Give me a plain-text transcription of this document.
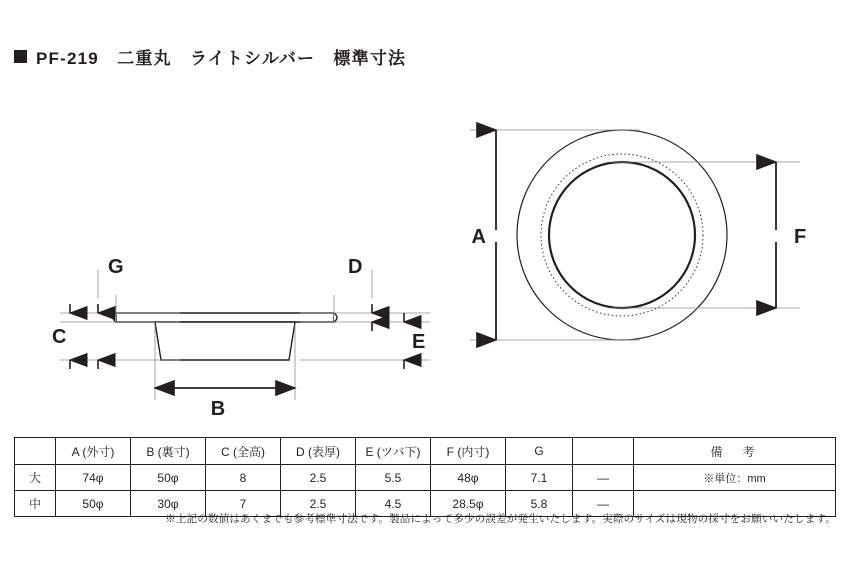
PF-219　二重丸　ライトシルバー　標準寸法
C
G	D
E
B
A	F
	A (外寸)	B (裏寸)	C (全高)	D (表厚)	E (ツバ下)	F (内寸)	G		備　考
大	74φ	50φ	8	2.5	5.5	48φ	7.1	—	※単位：mm
中	50φ	30φ	7	2.5	4.5	28.5φ	5.8	—	
※上記の数値はあくまでも参考標準寸法です。製品によって多少の誤差が発生いたします。実際のサイズは現物の採寸をお願いいたします。
